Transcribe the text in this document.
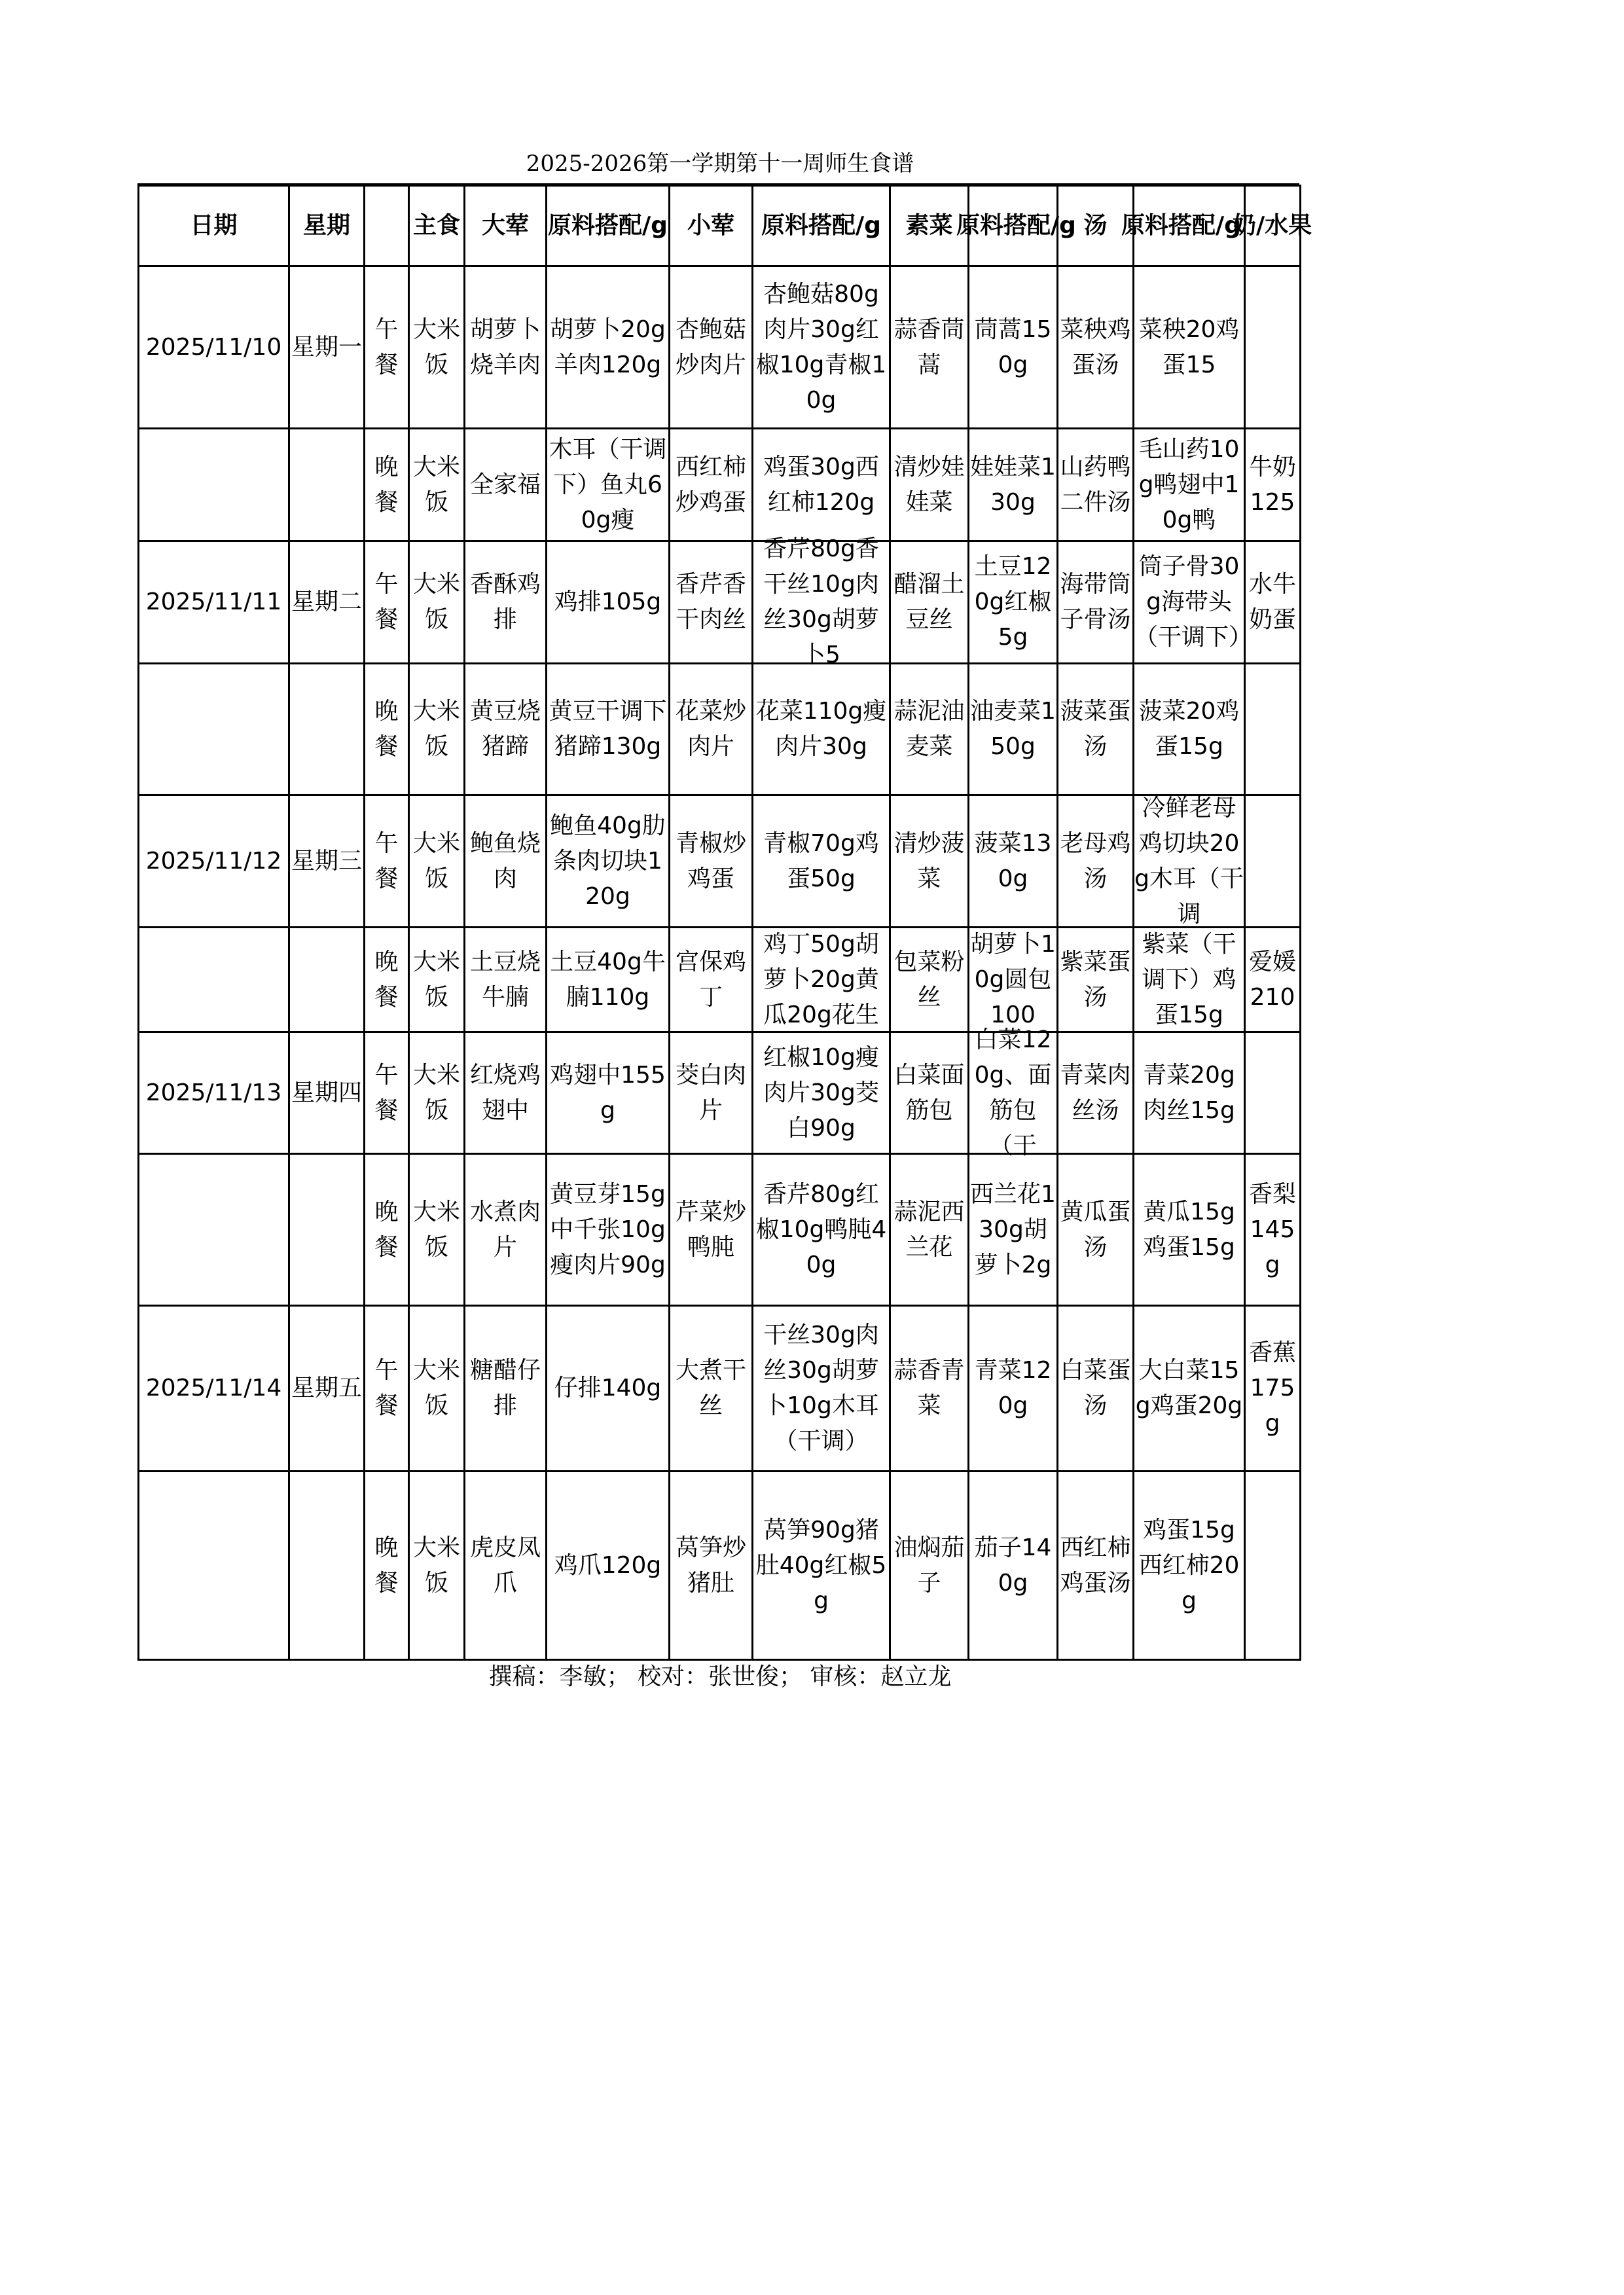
2025-2026第一学期第十一周师生食谱
日期	星期		主食	大荤	原料搭配/g	小荤	原料搭配/g	素菜	原料搭配/g	汤	原料搭配/g	奶/水果

2025/11/10	星期一	午餐	大米饭	胡萝卜烧羊肉	胡萝卜20g羊肉120g	杏鲍菇炒肉片	杏鲍菇80g肉片30g红椒10g青椒10g	蒜香茼蒿	茼蒿150g	菜秧鸡蛋汤	菜秧20鸡蛋15	

		晚餐	大米饭	全家福	木耳（干调下）鱼丸60g瘦	西红柿炒鸡蛋	鸡蛋30g西红柿120g	清炒娃娃菜	娃娃菜130g	山药鸭二件汤	毛山药10g鸭翅中10g鸭	牛奶125

2025/11/11	星期二	午餐	大米饭	香酥鸡排	鸡排105g	香芹香干肉丝	香芹80g香干丝10g肉丝30g胡萝卜5	醋溜土豆丝	土豆120g红椒5g	海带筒子骨汤	筒子骨30g海带头（干调下）	水牛奶蛋

		晚餐	大米饭	黄豆烧猪蹄	黄豆干调下猪蹄130g	花菜炒肉片	花菜110g瘦肉片30g	蒜泥油麦菜	油麦菜150g	菠菜蛋汤	菠菜20鸡蛋15g	

2025/11/12	星期三	午餐	大米饭	鲍鱼烧肉	鲍鱼40g肋条肉切块120g	青椒炒鸡蛋	青椒70g鸡蛋50g	清炒菠菜	菠菜130g	老母鸡汤	冷鲜老母鸡切块20g木耳（干调	

		晚餐	大米饭	土豆烧牛腩	土豆40g牛腩110g	宫保鸡丁	鸡丁50g胡萝卜20g黄瓜20g花生	包菜粉丝	胡萝卜10g圆包100	紫菜蛋汤	紫菜（干调下）鸡蛋15g	爱媛210

2025/11/13	星期四	午餐	大米饭	红烧鸡翅中	鸡翅中155g	茭白肉片	红椒10g瘦肉片30g茭白90g	白菜面筋包	白菜120g、面筋包（干	青菜肉丝汤	青菜20g肉丝15g	

		晚餐	大米饭	水煮肉片	黄豆芽15g中千张10g瘦肉片90g	芹菜炒鸭肫	香芹80g红椒10g鸭肫40g	蒜泥西兰花	西兰花130g胡萝卜2g	黄瓜蛋汤	黄瓜15g鸡蛋15g	香梨145g

2025/11/14	星期五	午餐	大米饭	糖醋仔排	仔排140g	大煮干丝	干丝30g肉丝30g胡萝卜10g木耳（干调）	蒜香青菜	青菜120g	白菜蛋汤	大白菜15g鸡蛋20g	香蕉175g

		晚餐	大米饭	虎皮凤爪	鸡爪120g	莴笋炒猪肚	莴笋90g猪肚40g红椒5g	油焖茄子	茄子140g	西红柿鸡蛋汤	鸡蛋15g西红柿20g	

撰稿：李敏； 校对：张世俊； 审核：赵立龙
